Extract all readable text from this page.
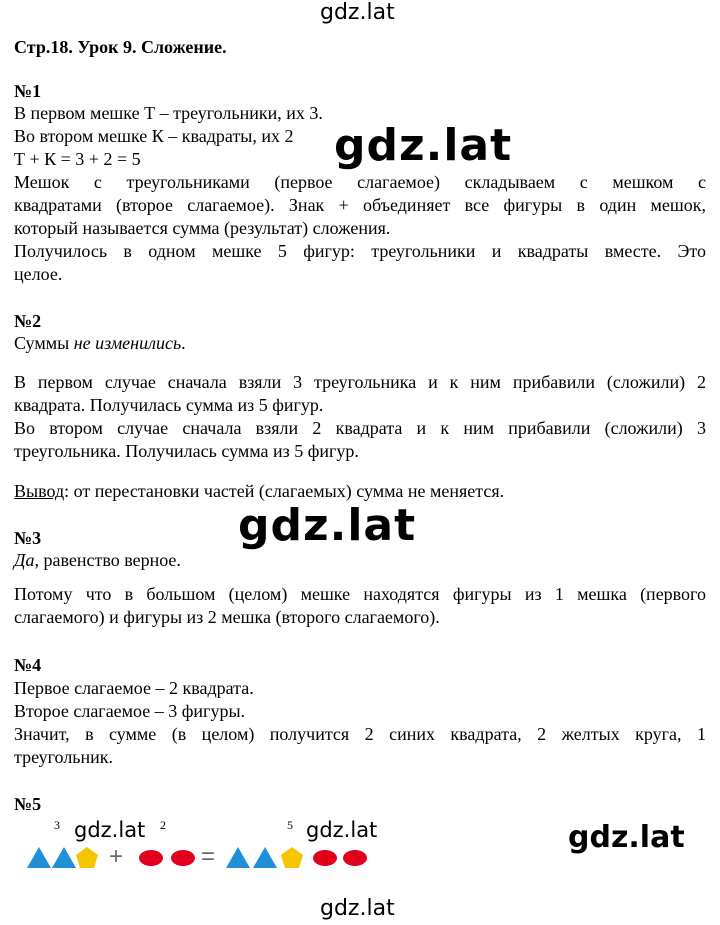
gdz.lat
gdz.lat
gdz.lat
gdz.lat
gdz.lat
Стр.18. Урок 9. Сложение.
№1
В первом мешке Т – треугольники, их 3.
Во втором мешке К – квадраты, их 2
Т + К = 3 + 2 = 5
Мешок с треугольниками (первое слагаемое) складываем с мешком с
квадратами (второе слагаемое). Знак + объединяет все фигуры в один мешок,
который называется сумма (результат) сложения.
Получилось в одном мешке 5 фигур: треугольники и квадраты вместе. Это
целое.
№2
Суммы не изменились.
В первом случае сначала взяли 3 треугольника и к ним прибавили (сложили) 2
квадрата. Получилась сумма из 5 фигур.
Во втором случае сначала взяли 2 квадрата и к ним прибавили (сложили) 3
треугольника. Получилась сумма из 5 фигур.
Вывод: от перестановки частей (слагаемых) сумма не меняется.
№3
Да, равенство верное.
Потому что в большом (целом) мешке находятся фигуры из 1 мешка (первого
слагаемого) и фигуры из 2 мешка (второго слагаемого).
№4
Первое слагаемое – 2 квадрата.
Второе слагаемое – 3 фигуры.
Значит, в сумме (в целом) получится 2 синих квадрата, 2 желтых круга, 1
треугольник.
№5
3 gdz.lat 2	5 gdz.lat
+	=
